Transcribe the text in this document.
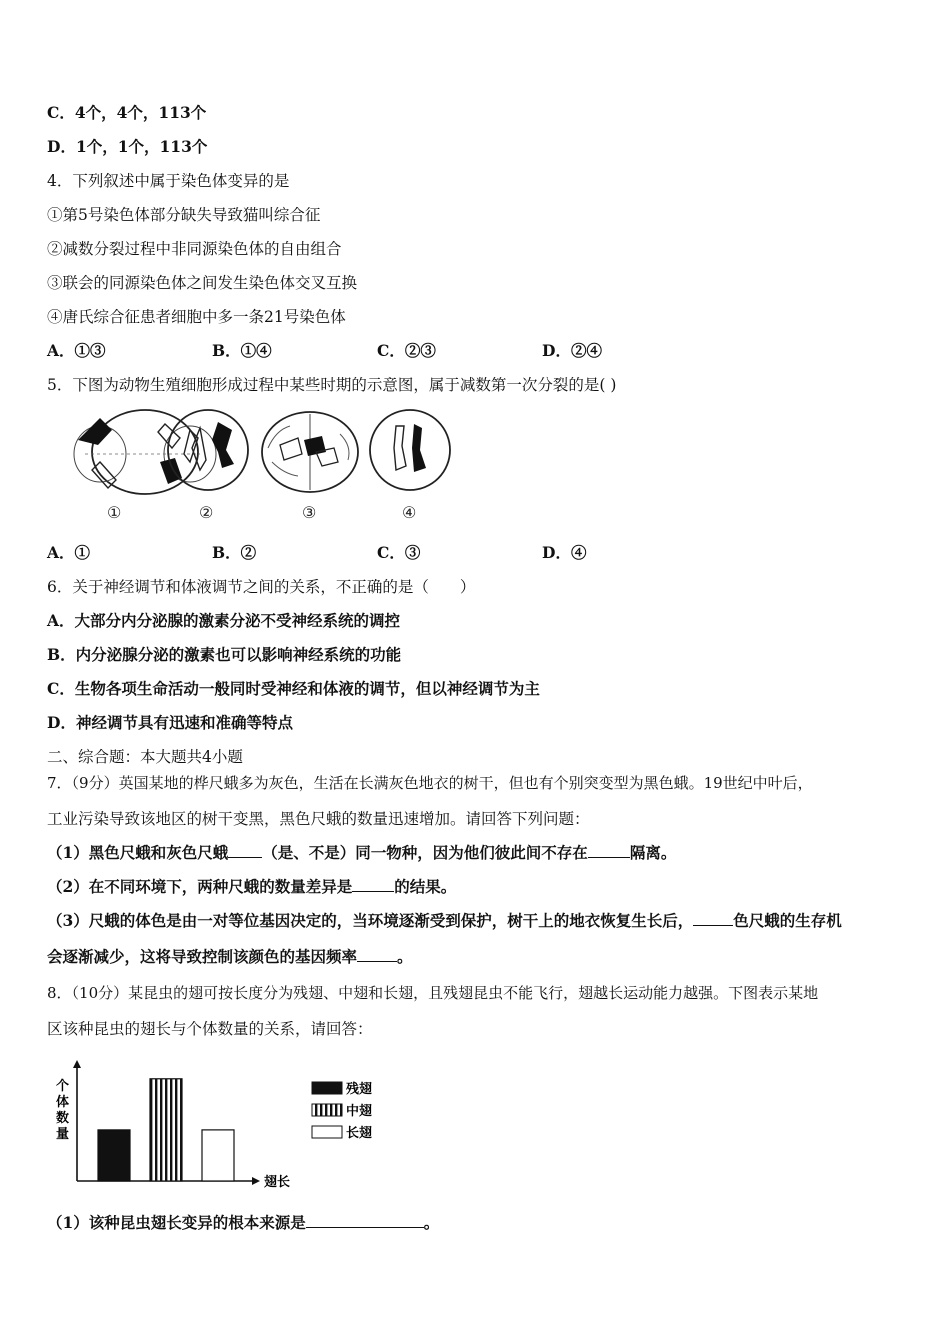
C．4个，4个，113个
D．1个，1个，113个
4．下列叙述中属于染色体变异的是
①第5号染色体部分缺失导致猫叫综合征
②减数分裂过程中非同源染色体的自由组合
③联会的同源染色体之间发生染色体交叉互换
④唐氏综合征患者细胞中多一条21号染色体
A．①③	B．①④	C．②③	D．②④
5．下图为动物生殖细胞形成过程中某些时期的示意图，属于减数第一次分裂的是( )
①	②	③	④
A．①	B．②	C．③	D．④
6．关于神经调节和体液调节之间的关系，不正确的是（　　）
A．大部分内分泌腺的激素分泌不受神经系统的调控
B．内分泌腺分泌的激素也可以影响神经系统的功能
C．生物各项生命活动一般同时受神经和体液的调节，但以神经调节为主
D．神经调节具有迅速和准确等特点
二、综合题：本大题共4小题
7．（9分）英国某地的桦尺蛾多为灰色，生活在长满灰色地衣的树干，但也有个别突变型为黑色蛾。19世纪中叶后，
工业污染导致该地区的树干变黑，黑色尺蛾的数量迅速增加。请回答下列问题：
（1）黑色尺蛾和灰色尺蛾 （是、不是）同一物种，因为他们彼此间不存在	隔离。
（2）在不同环境下，两种尺蛾的数量差异是	的结果。
（3）尺蛾的体色是由一对等位基因决定的，当环境逐渐受到保护，树干上的地衣恢复生长后，	色尺蛾的生存机
会逐渐减少，这将导致控制该颜色的基因频率	。
8．（10分）某昆虫的翅可按长度分为残翅、中翅和长翅，且残翅昆虫不能飞行，翅越长运动能力越强。下图表示某地
区该种昆虫的翅长与个体数量的关系，请回答：
个
体
数
量
翅长
残翅
中翅
长翅
（1）该种昆虫翅长变异的根本来源是	。
